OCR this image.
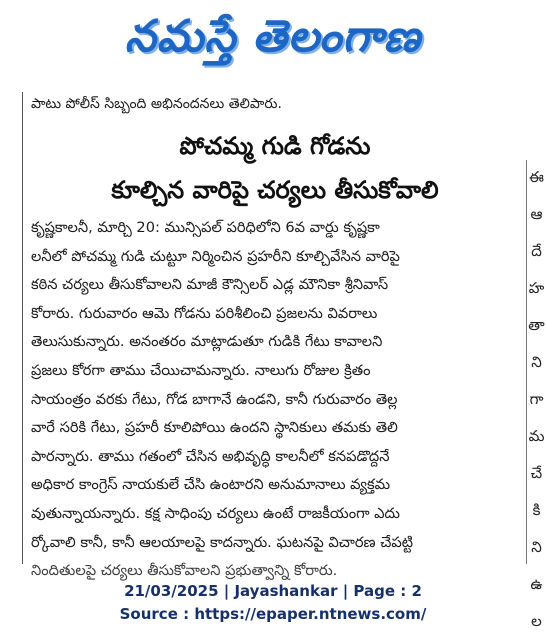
నమస్తే తెలంగాణ
పాటు పోలీస్ సిబ్బంది అభినందనలు తెలిపారు.
పోచమ్మ గుడి గోడను
కూల్చిన వారిపై చర్యలు తీసుకోవాలి
కృష్ణకాలనీ, మార్చి 20: మున్సిపల్ పరిధిలోని 6వ వార్డు కృష్ణకా
లనీలో పోచమ్మ గుడి చుట్టూ నిర్మించిన ప్రహరీని కూల్చివేసిన వారిపై
కఠిన చర్యలు తీసుకోవాలని మాజీ కౌన్సిలర్ ఎడ్ల మౌనికా శ్రీనివాస్
కోరారు. గురువారం ఆమె గోడను పరిశీలించి ప్రజలను వివరాలు
తెలుసుకున్నారు. అనంతరం మాట్లాడుతూ గుడికి గేటు కావాలని
ప్రజలు కోరగా తాము చేయిచామన్నారు. నాలుగు రోజుల క్రితం
సాయంత్రం వరకు గేటు, గోడ బాగానే ఉండని, కానీ గురువారం తెల్ల
వారే సరికి గేటు, ప్రహరీ కూలిపోయి ఉందని స్థానికులు తమకు తెలి
పారన్నారు. తాము గతంలో చేసిన అభివృద్ధి కాలనీలో కనపడొద్దనే
అధికార కాంగ్రెస్ నాయకులే చేసి ఉంటారని అనుమానాలు వ్యక్తమ
వుతున్నాయన్నారు. కక్ష సాధింపు చర్యలు ఉంటే రాజకీయంగా ఎదు
ర్కోవాలి కానీ, కానీ ఆలయాలపై కాదన్నారు. ఘటనపై విచారణ చేపట్టి
నిందితులపై చర్యలు తీసుకోవాలని ప్రభుత్వాన్ని కోరారు.
ఈ
ఆ
దే
హ
తా
ని
గా
మ
చే
కి
ని
ఉ
ల
21/03/2025 | Jayashankar | Page : 2
Source : https://epaper.ntnews.com/
